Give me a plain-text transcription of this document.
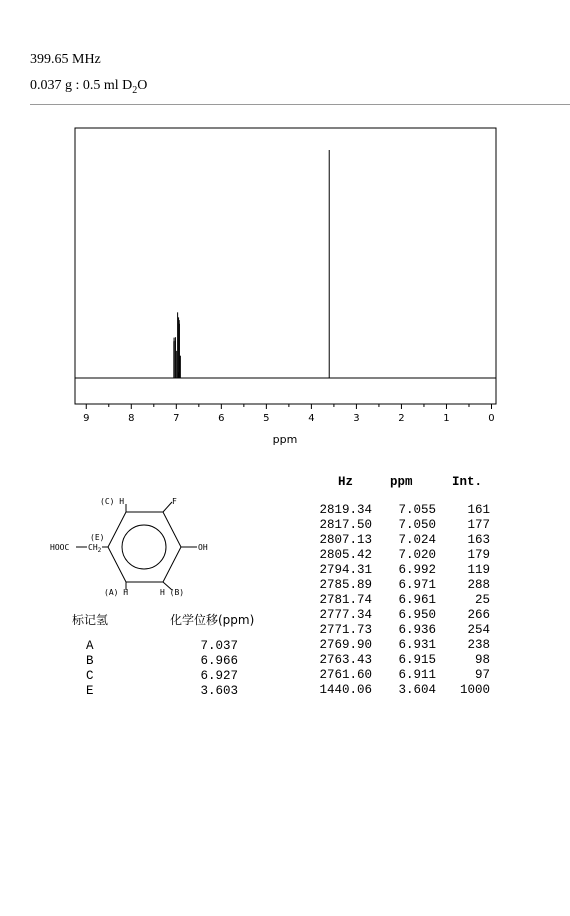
399.65 MHz
0.037 g : 0.5 ml $D_2O$
9	8	7	6	5	4	3	2	1	0
ppm
Hz	ppm	Int.
2819.34 7.055	161
2817.50 7.050	177
2807.13 7.024	163
2805.42 7.020	179
2794.31 6.992	119
2785.89 6.971	288
2781.74 6.961	25
2777.34 6.950	266
2771.73 6.936	254
2769.90 6.931	238
2763.43 6.915	98
2761.60 6.911	97
1440.06 3.604 1000
(C) H	F
(E)
HOOC $CH_2$	OH
(A) H	H (B)
标记氢	化学位移(ppm)
A	7.037
B	6.966
C	6.927
E	3.603
